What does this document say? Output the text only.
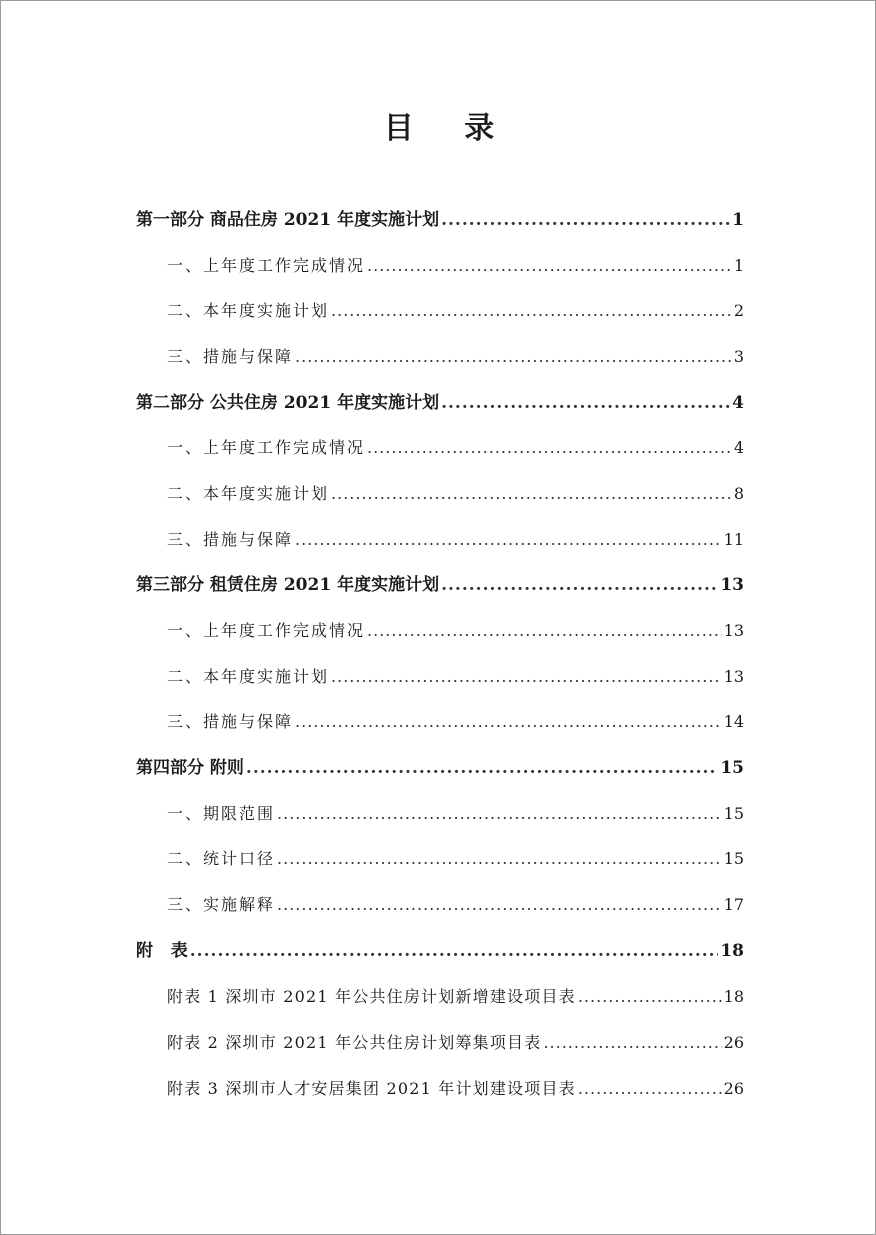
目 录
第一部分 商品住房 2021 年度实施计划 .....	1
一、上年度工作完成情况 .....	1
二、本年度实施计划 .....	2
三、措施与保障 .....	3
第二部分 公共住房 2021 年度实施计划 .....	4
一、上年度工作完成情况 .....	4
二、本年度实施计划 .....	8
三、措施与保障 .....	11
第三部分 租赁住房 2021 年度实施计划 .....	13
一、上年度工作完成情况 .....	13
二、本年度实施计划 .....	13
三、措施与保障 .....	14
第四部分 附则 .....	15
一、期限范围 .....	15
二、统计口径 .....	15
三、实施解释 .....	17
附   表 .....	18
附表 1 深圳市 2021 年公共住房计划新增建设项目表 .....	18
附表 2 深圳市 2021 年公共住房计划筹集项目表 .....	26
附表 3 深圳市人才安居集团 2021 年计划建设项目表 .....	26
